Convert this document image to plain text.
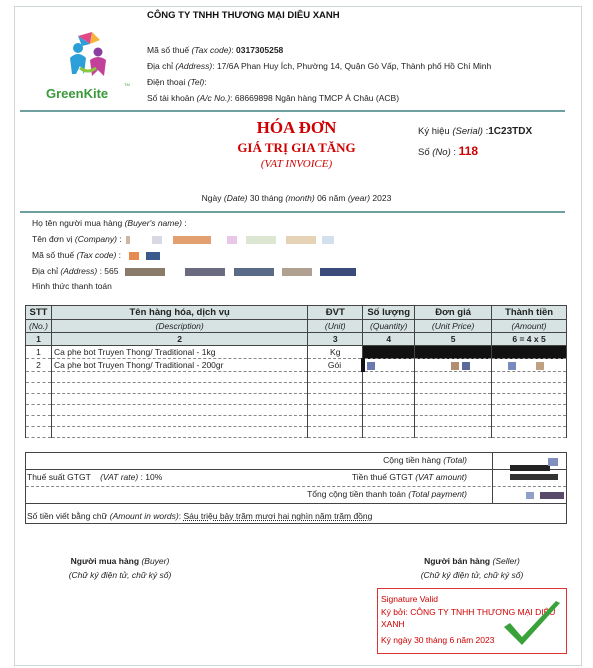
GreenKite
TM
CÔNG TY TNHH THƯƠNG MẠI DIÊU XANH
Mã số thuế (Tax code): 0317305258
Địa chỉ (Address): 17/6A Phan Huy Ích, Phường 14, Quận Gò Vấp, Thành phố Hồ Chí Minh
Điện thoại (Tel):
Số tài khoản (A/c No.): 68669898 Ngân hàng TMCP Á Châu (ACB)
HÓA ĐƠN
GIÁ TRỊ GIA TĂNG
(VAT INVOICE)
Ký hiệu (Serial) :1C23TDX
Số (No) : 118
Ngày (Date) 30 tháng (month) 06 năm (year) 2023
Họ tên người mua hàng (Buyer's name) :
Tên đơn vị (Company) :
Mã số thuế (Tax code) :
Địa chỉ (Address) : 565
Hình thức thanh toán
STT	Tên hàng hóa, dịch vụ	ĐVT	Số lượng	Đơn giá	Thành tiền
(No.)	(Description)	(Unit)	(Quantity)	(Unit Price)	(Amount)
1	2	3	4	5	6 = 4 x 5
1	Ca phe bot Truyen Thong/ Traditional - 1kg	Kg			
2	Ca phe bot Truyen Thong/ Traditional - 200gr	Gói			

Cộng tiền hàng (Total)
Thuế suất GTGT (VAT rate) : 10%	Tiền thuế GTGT (VAT amount)
Tổng cộng tiền thanh toán (Total payment)
Số tiền viết bằng chữ (Amount in words): Sáu triệu bảy trăm mươi hai nghìn năm trăm đồng
Người mua hàng (Buyer)
(Chữ ký điện tử, chữ ký số)
Người bán hàng (Seller)
(Chữ ký điện tử, chữ ký số)
Signature Valid
Ký bởi: CÔNG TY TNHH THƯƠNG MẠI DIÊU XANH
Ký ngày 30 tháng 6 năm 2023
